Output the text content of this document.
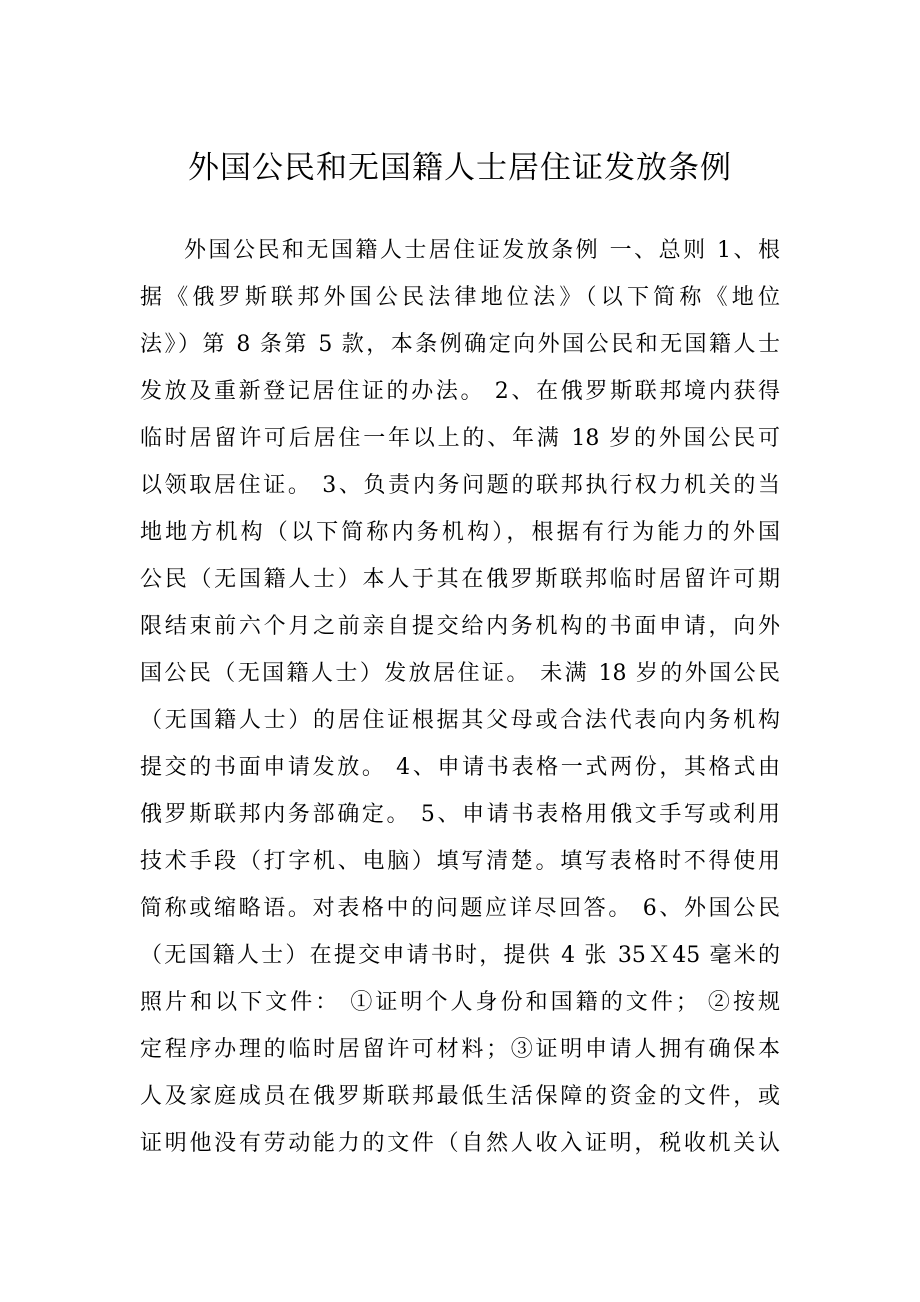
外国公民和无国籍人士居住证发放条例
外国公民和无国籍人士居住证发放条例 一、总则 1、根
据《俄罗斯联邦外国公民法律地位法》（以下简称《地位
法》）第 8 条第 5 款，本条例确定向外国公民和无国籍人士
发放及重新登记居住证的办法。 2、在俄罗斯联邦境内获得
临时居留许可后居住一年以上的、年满 18 岁的外国公民可
以领取居住证。 3、负责内务问题的联邦执行权力机关的当
地地方机构（以下简称内务机构），根据有行为能力的外国
公民（无国籍人士）本人于其在俄罗斯联邦临时居留许可期
限结束前六个月之前亲自提交给内务机构的书面申请，向外
国公民（无国籍人士）发放居住证。 未满 18 岁的外国公民
（无国籍人士）的居住证根据其父母或合法代表向内务机构
提交的书面申请发放。 4、申请书表格一式两份，其格式由
俄罗斯联邦内务部确定。 5、申请书表格用俄文手写或利用
技术手段（打字机、电脑）填写清楚。填写表格时不得使用
简称或缩略语。对表格中的问题应详尽回答。 6、外国公民
（无国籍人士）在提交申请书时，提供 4 张 35Ｘ45 毫米的
照片和以下文件： ①证明个人身份和国籍的文件； ②按规
定程序办理的临时居留许可材料；③证明申请人拥有确保本
人及家庭成员在俄罗斯联邦最低生活保障的资金的文件，或
证明他没有劳动能力的文件（自然人收入证明，税收机关认
